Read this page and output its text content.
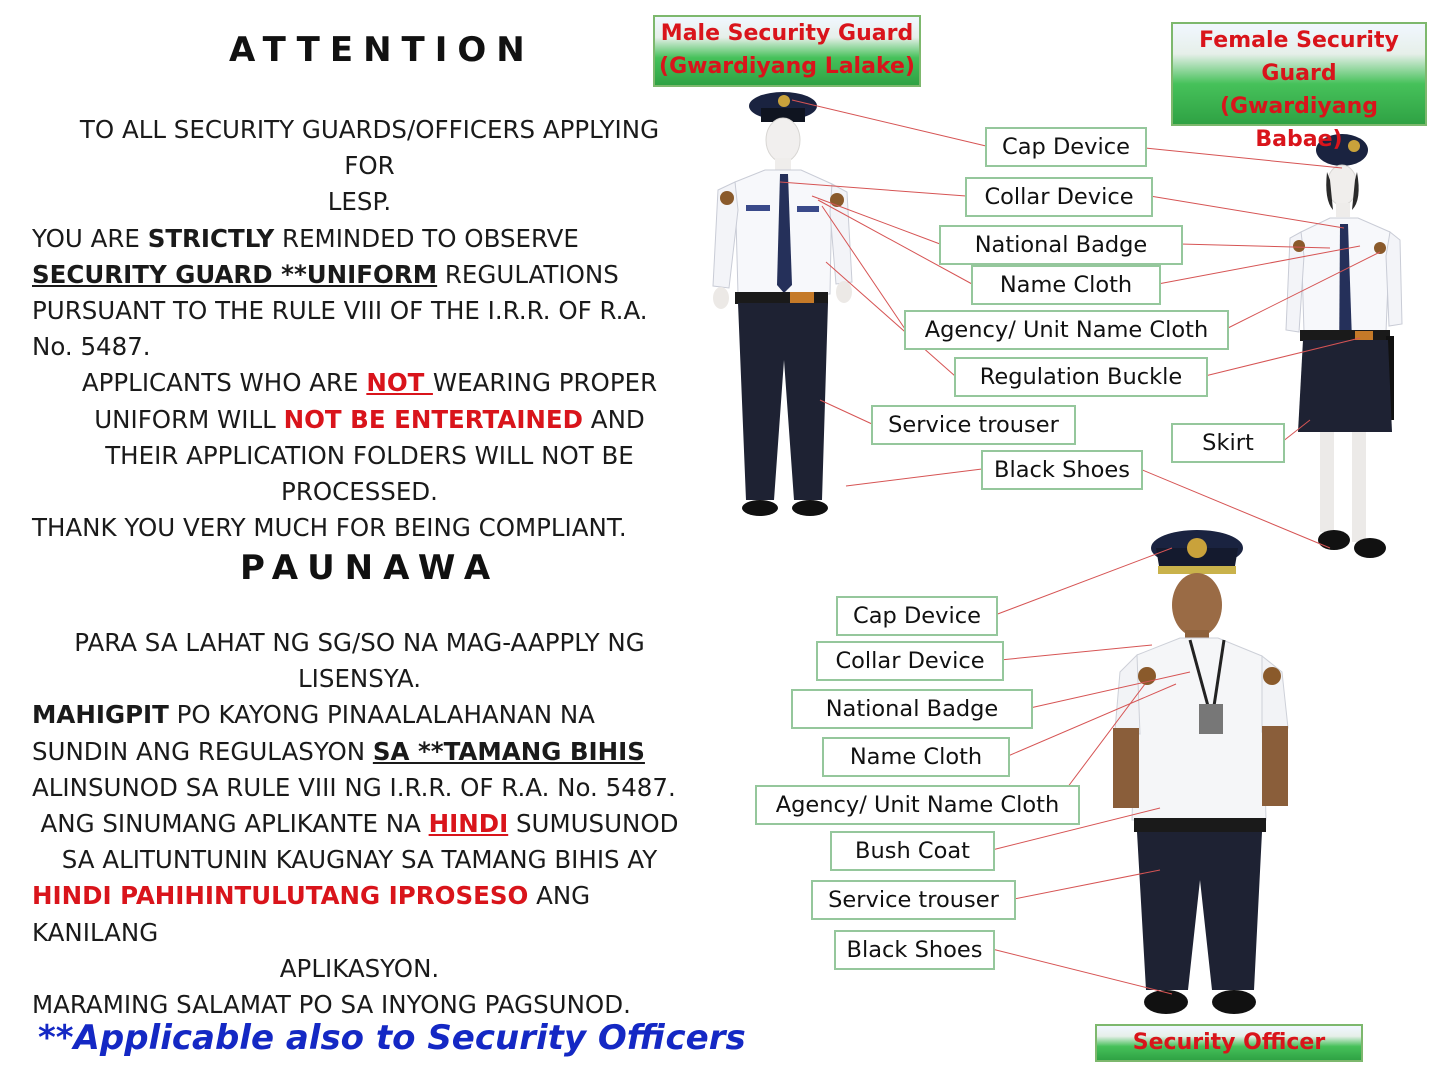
ATTENTION
TO ALL SECURITY GUARDS/OFFICERS APPLYING FOR
LESP.
YOU ARE STRICTLY REMINDED TO OBSERVE
SECURITY GUARD **UNIFORM REGULATIONS
PURSUANT TO THE RULE VIII OF THE I.R.R. OF R.A.
No. 5487.
APPLICANTS WHO ARE NOT WEARING PROPER
UNIFORM WILL NOT BE ENTERTAINED AND
THEIR APPLICATION FOLDERS WILL NOT BE
PROCESSED.
THANK YOU VERY MUCH FOR BEING COMPLIANT.
PAUNAWA
PARA SA LAHAT NG SG/SO NA MAG-AAPPLY NG
LISENSYA.
MAHIGPIT PO KAYONG PINAALALAHANAN NA
SUNDIN ANG REGULASYON SA **TAMANG BIHIS
ALINSUNOD SA RULE VIII NG I.R.R. OF R.A. No. 5487.
ANG SINUMANG APLIKANTE NA HINDI SUMUSUNOD
SA ALITUNTUNIN KAUGNAY SA TAMANG BIHIS AY
HINDI PAHIHINTULUTANG IPROSESO ANG KANILANG
APLIKASYON.
MARAMING SALAMAT PO SA INYONG PAGSUNOD.
**Applicable also to Security Officers
Male Security Guard
(Gwardiyang Lalake)
Female Security
Guard
(Gwardiyang Babae)
Security Officer
Cap Device
Collar Device
National Badge
Name Cloth
Agency/ Unit Name Cloth
Regulation Buckle
Service trouser
Skirt
Black Shoes
Cap Device
Collar Device
National Badge
Name Cloth
Agency/ Unit Name Cloth
Bush Coat
Service trouser
Black Shoes
